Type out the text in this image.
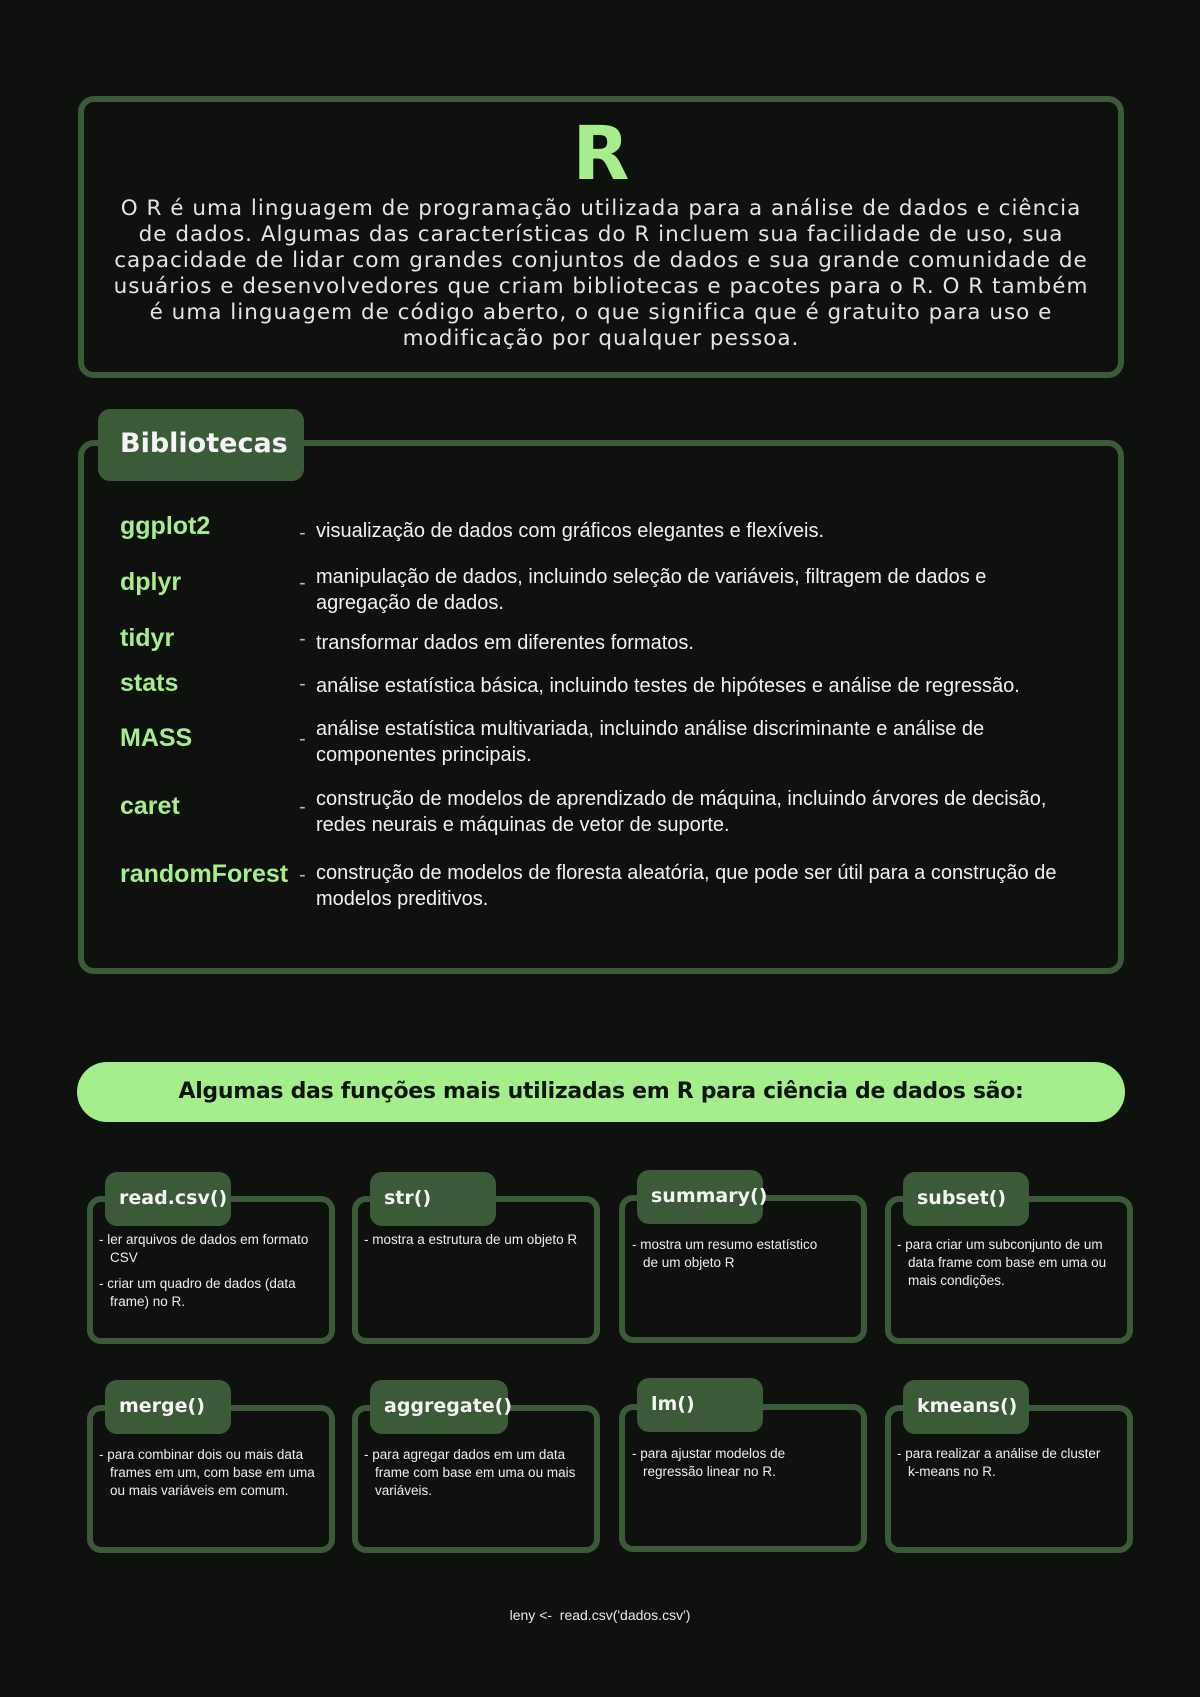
R
O R é uma linguagem de programação utilizada para a análise de dados e ciência de dados. Algumas das características do R incluem sua facilidade de uso, sua capacidade de lidar com grandes conjuntos de dados e sua grande comunidade de usuários e desenvolvedores que criam bibliotecas e pacotes para o R. O R também é uma linguagem de código aberto, o que significa que é gratuito para uso e modificação por qualquer pessoa.
Bibliotecas
ggplot2	- visualização de dados com gráficos elegantes e flexíveis.
dplyr	- manipulação de dados, incluindo seleção de variáveis, filtragem de dados e agregação de dados.
tidyr	- transformar dados em diferentes formatos.
stats	- análise estatística básica, incluindo testes de hipóteses e análise de regressão.
MASS	- análise estatística multivariada, incluindo análise discriminante e análise de componentes principais.
caret	- construção de modelos de aprendizado de máquina, incluindo árvores de decisão, redes neurais e máquinas de vetor de suporte.
randomForest - construção de modelos de floresta aleatória, que pode ser útil para a construção de modelos preditivos.
Algumas das funções mais utilizadas em R para ciência de dados são:
read.csv()
- ler arquivos de dados em formato CSV
- criar um quadro de dados (data frame) no R.
str()
- mostra a estrutura de um objeto R
summary()
- mostra um resumo estatístico de um objeto R
subset()
- para criar um subconjunto de um data frame com base em uma ou mais condições.
merge()
- para combinar dois ou mais data frames em um, com base em uma ou mais variáveis em comum.
aggregate()
- para agregar dados em um data frame com base em uma ou mais variáveis.
lm()
- para ajustar modelos de regressão linear no R.
kmeans()
- para realizar a análise de cluster k-means no R.
leny <-  read.csv('dados.csv')
